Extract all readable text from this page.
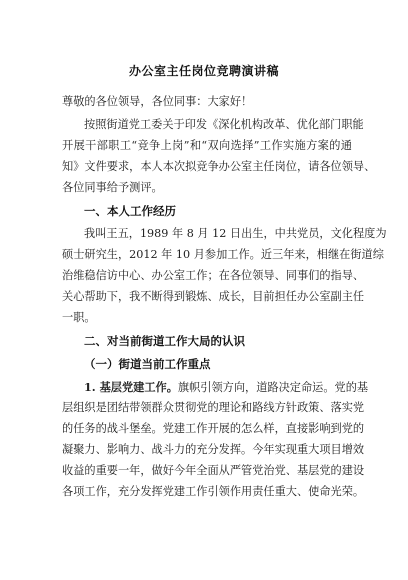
办公室主任岗位竞聘演讲稿
尊敬的各位领导，各位同事：大家好！
按照街道党工委关于印发《深化机构改革、优化部门职能
开展干部职工“竞争上岗”和“双向选择”工作实施方案的通
知》文件要求，本人本次拟竞争办公室主任岗位，请各位领导、
各位同事给予测评。
一、本人工作经历
我叫王五，1989 年 8 月 12 日出生，中共党员，文化程度为
硕士研究生，2012 年 10 月参加工作。近三年来，相继在街道综
治维稳信访中心、办公室工作；在各位领导、同事们的指导、
关心帮助下，我不断得到锻炼、成长，目前担任办公室副主任
一职。
二、对当前街道工作大局的认识
（一）街道当前工作重点
1. 基层党建工作。旗帜引领方向，道路决定命运。党的基
层组织是团结带领群众贯彻党的理论和路线方针政策、落实党
的任务的战斗堡垒。党建工作开展的怎么样，直接影响到党的
凝聚力、影响力、战斗力的充分发挥。今年实现重大项目增效
收益的重要一年，做好今年全面从严管党治党、基层党的建设
各项工作，充分发挥党建工作引领作用责任重大、使命光荣。
